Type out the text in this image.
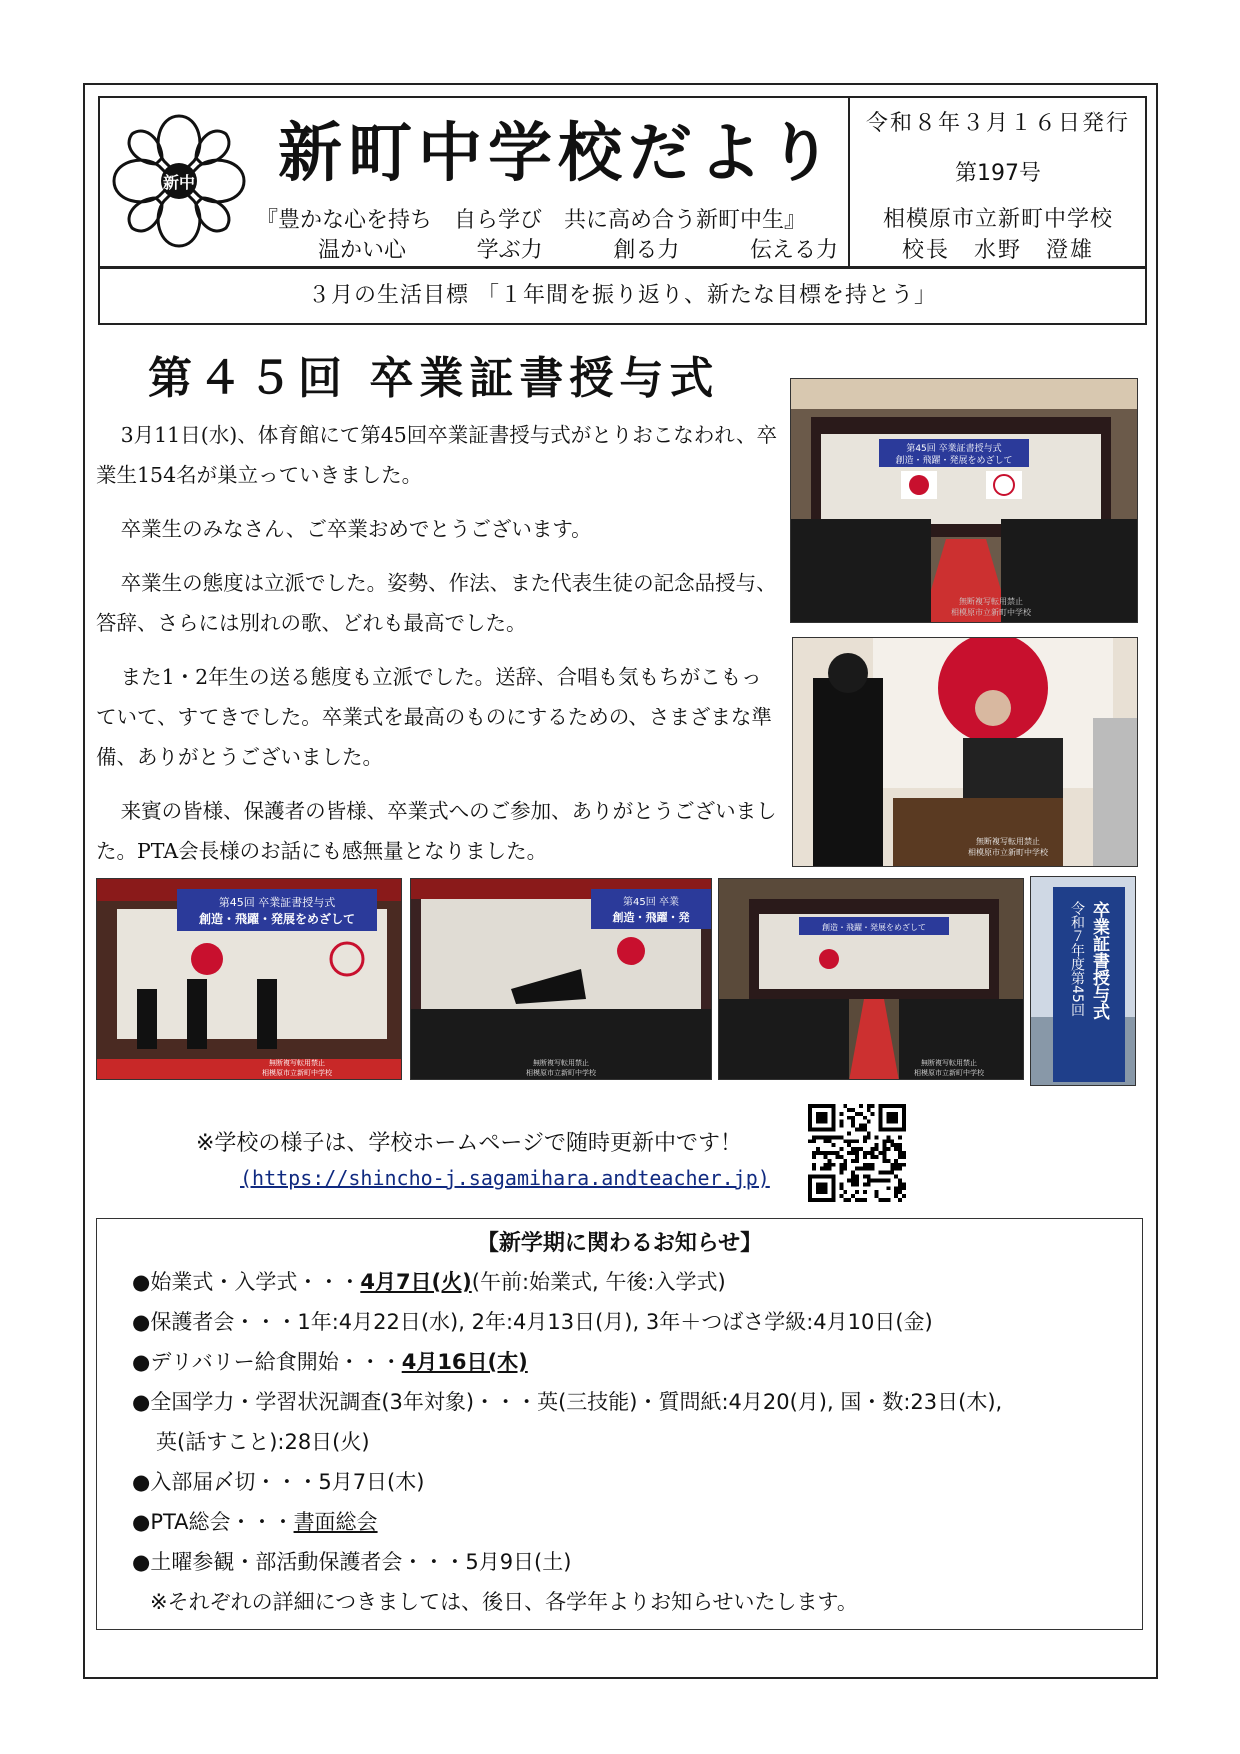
新中 新町中学校だより
『豊かな心を持ち　自ら学び　共に高め合う新町中生』
温かい心	学ぶ力	創る力	伝える力
令和８年３月１６日発行
第197号
相模原市立新町中学校
校長　水野　澄雄
３月の生活目標 「１年間を振り返り、新たな目標を持とう」
第４５回 卒業証書授与式

3月11日(水)、体育館にて第45回卒業証書授与式がとりおこなわれ、卒業生154名が巣立っていきました。

卒業生のみなさん、ご卒業おめでとうございます。

卒業生の態度は立派でした。姿勢、作法、また代表生徒の記念品授与、答辞、さらには別れの歌、どれも最高でした。

また1・2年生の送る態度も立派でした。送辞、合唱も気もちがこもっていて、すてきでした。卒業式を最高のものにするための、さまざまな準備、ありがとうございました。

来賓の皆様、保護者の皆様、卒業式へのご参加、ありがとうございました。PTA会長様のお話にも感無量となりました。

第45回 卒業証書授与式
創造・飛躍・発展をめざして
無断複写転用禁止
相模原市立新町中学校
無断複写転用禁止
相模原市立新町中学校
第45回 卒業証書授与式
創造・飛躍・発展をめざして
無断複写転用禁止
相模原市立新町中学校
第45回 卒業
創造・飛躍・発
無断複写転用禁止
相模原市立新町中学校
創造・飛躍・発展をめざして
無断複写転用禁止
相模原市立新町中学校
令和７年度第45回 卒業証書授与式
※学校の様子は、学校ホームページで随時更新中です！
(https://shincho-j.sagamihara.andteacher.jp)
【新学期に関わるお知らせ】
●始業式・入学式・・・4月7日(火)(午前:始業式, 午後:入学式)
●保護者会・・・1年:4月22日(水), 2年:4月13日(月), 3年＋つばさ学級:4月10日(金)
●デリバリー給食開始・・・4月16日(木)
●全国学力・学習状況調査(3年対象)・・・英(三技能)・質問紙:4月20(月), 国・数:23日(木),
英(話すこと):28日(火)
●入部届〆切・・・5月7日(木)
●PTA総会・・・書面総会
●土曜参観・部活動保護者会・・・5月9日(土)
※それぞれの詳細につきましては、後日、各学年よりお知らせいたします。
